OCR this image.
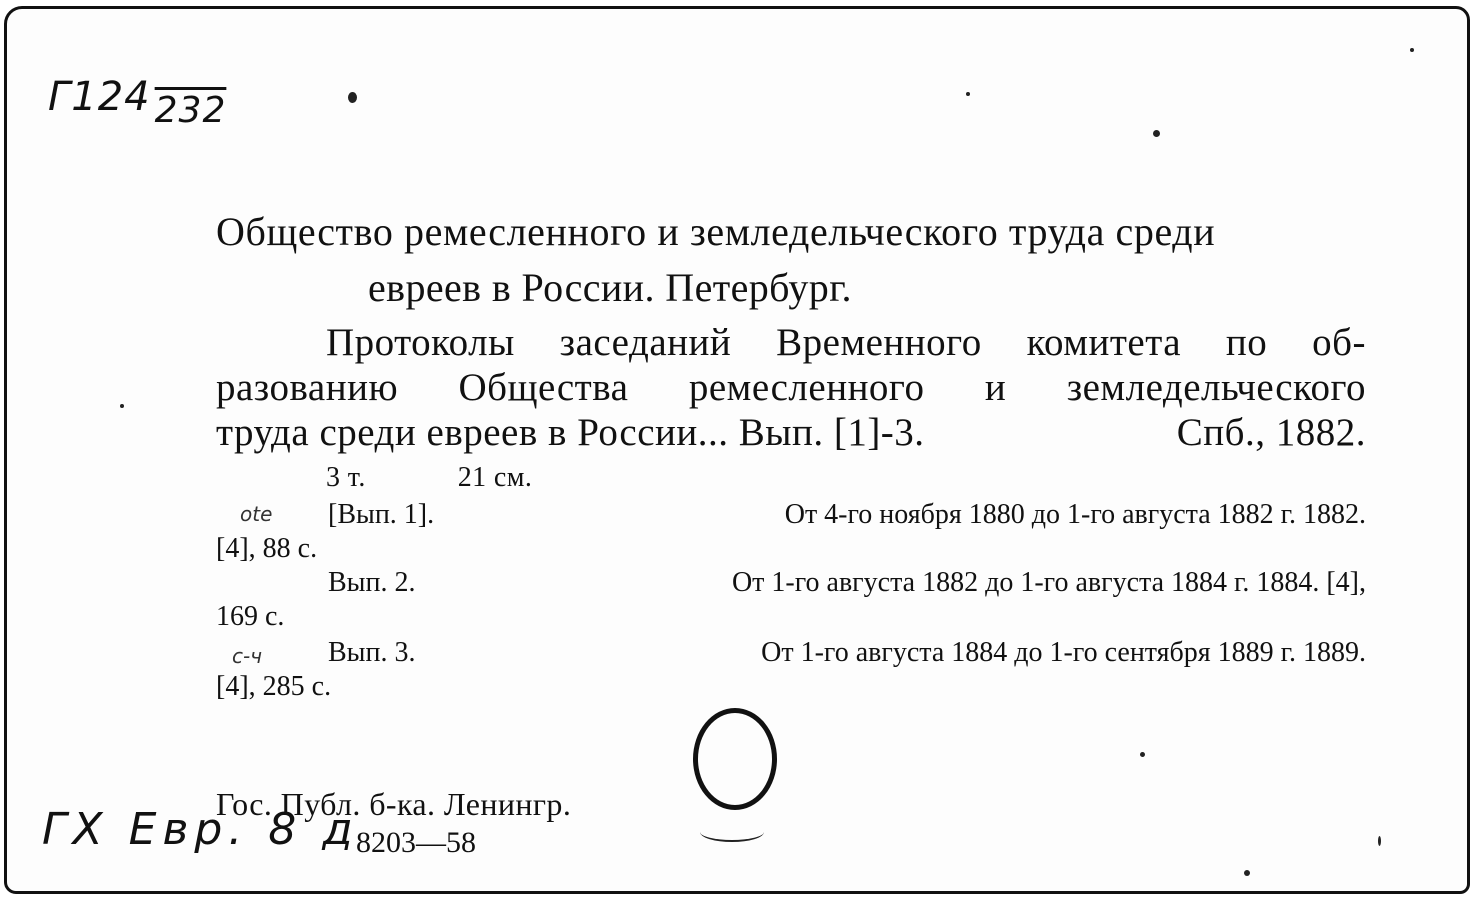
Г124 232
Общество ремесленного и земледельческого труда среди
евреев в России. Петербург.
Протоколы заседаний Временного комитета по об-
разованию Общества ремесленного и земледельческого
труда среди евреев в России... Вып. [1]-3.	Спб., 1882.
3 т.	21 см.
ote [Вып. 1].	От 4-го ноября 1880 до 1-го августа 1882 г. 1882.
[4], 88 с.
Вып. 2.	От 1-го августа 1882 до 1-го августа 1884 г. 1884. [4],
169 с.
с-ч Вып. 3.	От 1-го августа 1884 до 1-го сентября 1889 г. 1889.
[4], 285 с.
Гос. Публ. б-ка. Ленингр.
8203—58
ГХ Евр. 8 д
